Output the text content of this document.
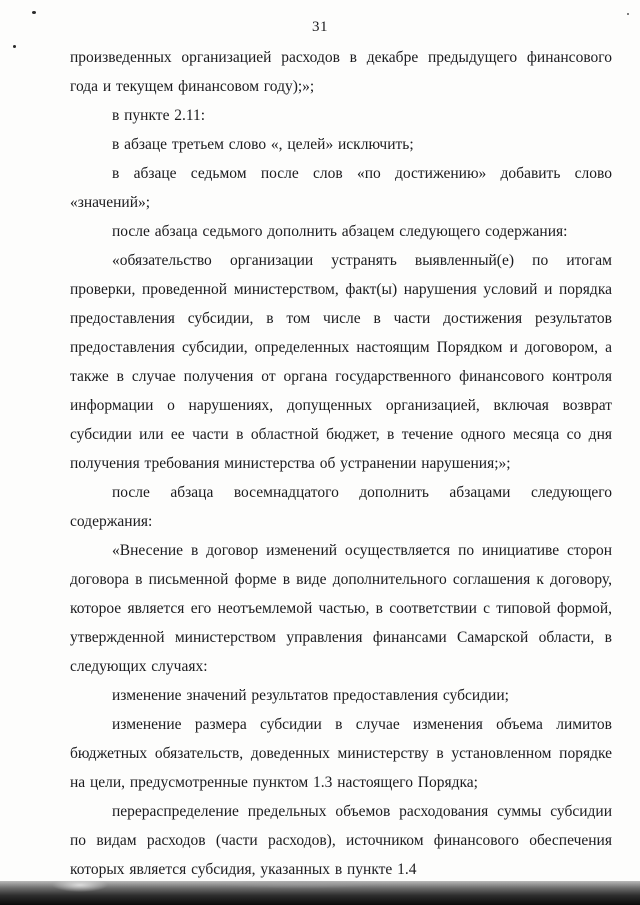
31

произведенных организацией расходов в декабре предыдущего финансового года и текущем финансовом году);»;

в пункте 2.11:

в абзаце третьем слово «, целей» исключить;

в абзаце седьмом после слов «по достижению» добавить слово «значений»;

после абзаца седьмого дополнить абзацем следующего содержания:

«обязательство организации устранять выявленный(е) по итогам проверки, проведенной министерством, факт(ы) нарушения условий и порядка предоставления субсидии, в том числе в части достижения результатов предоставления субсидии, определенных настоящим Порядком и договором, а также в случае получения от органа государственного финансового контроля информации о нарушениях, допущенных организацией, включая возврат субсидии или ее части в областной бюджет, в течение одного месяца со дня получения требования министерства об устранении нарушения;»;

после абзаца восемнадцатого дополнить абзацами следующего содержания:

«Внесение в договор изменений осуществляется по инициативе сторон договора в письменной форме в виде дополнительного соглашения к договору, которое является его неотъемлемой частью, в соответствии с типовой формой, утвержденной министерством управления финансами Самарской области, в следующих случаях:

изменение значений результатов предоставления субсидии;

изменение размера субсидии в случае изменения объема лимитов бюджетных обязательств, доведенных министерству в установленном порядке на цели, предусмотренные пунктом 1.3 настоящего Порядка;

перераспределение предельных объемов расходования суммы субсидии по видам расходов (части расходов), источником финансового обеспечения которых является субсидия, указанных в пункте 1.4
